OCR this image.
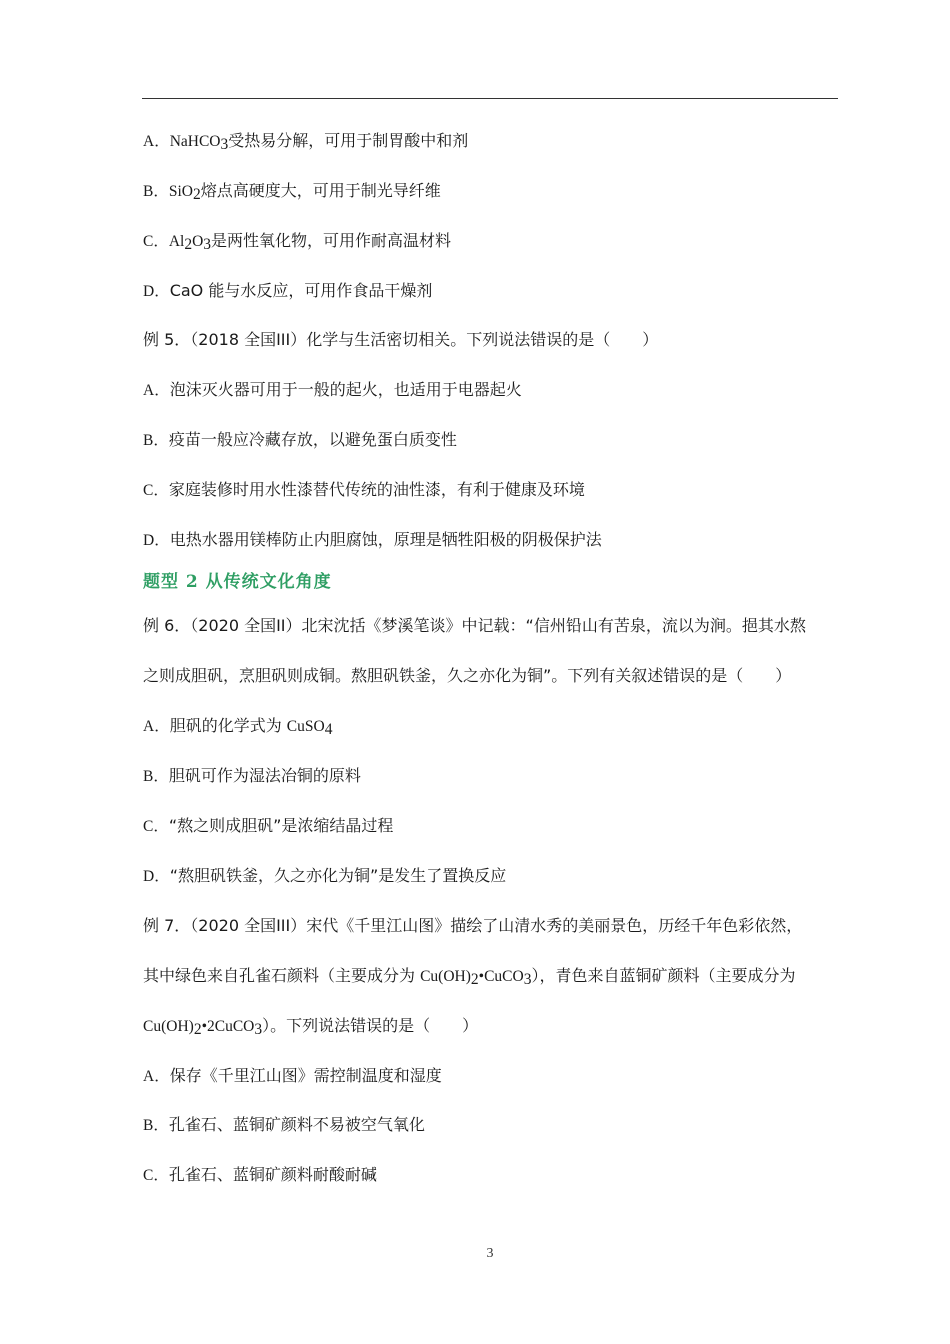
A．NaHCO$_3$受热易分解，可用于制胃酸中和剂
B．SiO$_2$熔点高硬度大，可用于制光导纤维
C．$Al_2O_3$是两性氧化物，可用作耐高温材料
D．CaO 能与水反应，可用作食品干燥剂
例 5．（2018 全国III）化学与生活密切相关。下列说法错误的是（　　）
A．泡沫灭火器可用于一般的起火，也适用于电器起火
B．疫苗一般应冷藏存放，以避免蛋白质变性
C．家庭装修时用水性漆替代传统的油性漆，有利于健康及环境
D．电热水器用镁棒防止内胆腐蚀，原理是牺牲阳极的阴极保护法
题型 2 从传统文化角度
例 6．（2020 全国II）北宋沈括《梦溪笔谈》中记载：“信州铅山有苦泉，流以为涧。挹其水熬
之则成胆矾，烹胆矾则成铜。熬胆矾铁釜，久之亦化为铜”。下列有关叙述错误的是（　　）
A．胆矾的化学式为 CuSO$_4$
B．胆矾可作为湿法冶铜的原料
C．“熬之则成胆矾”是浓缩结晶过程
D．“熬胆矾铁釜，久之亦化为铜”是发生了置换反应
例 7．（2020 全国III）宋代《千里江山图》描绘了山清水秀的美丽景色，历经千年色彩依然，
其中绿色来自孔雀石颜料（主要成分为 $Cu(OH)_2•CuCO_3$），青色来自蓝铜矿颜料（主要成分为
$Cu(OH)_2•2CuCO_3$）。下列说法错误的是（　　）
A．保存《千里江山图》需控制温度和湿度
B．孔雀石、蓝铜矿颜料不易被空气氧化
C．孔雀石、蓝铜矿颜料耐酸耐碱
3
